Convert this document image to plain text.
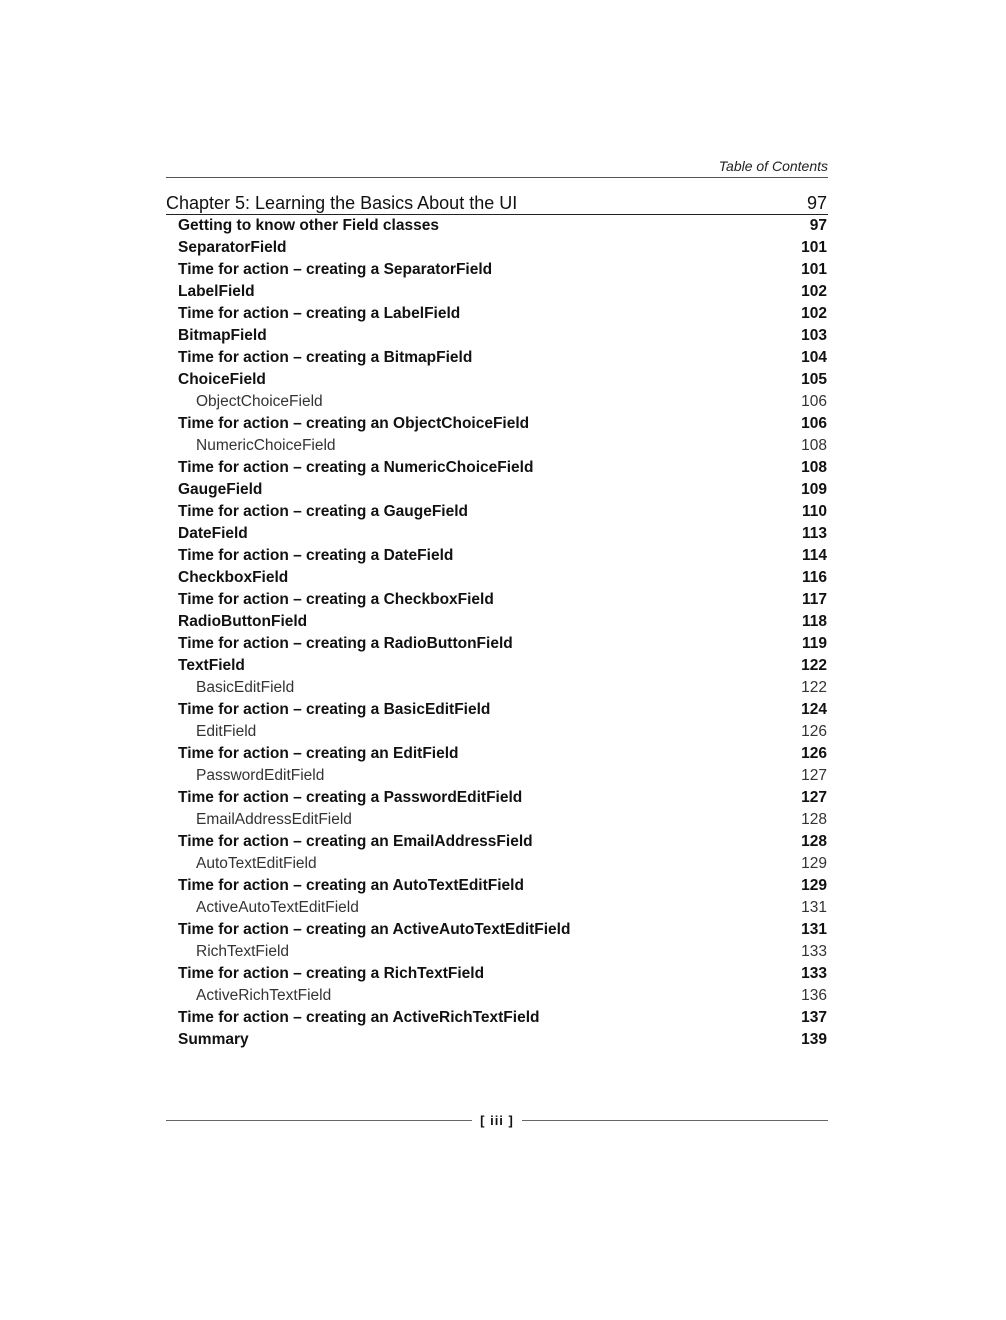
Table of Contents
Chapter 5: Learning the Basics About the UI	97
Getting to know other Field classes	97
SeparatorField	101
Time for action – creating a SeparatorField	101
LabelField	102
Time for action – creating a LabelField	102
BitmapField	103
Time for action – creating a BitmapField	104
ChoiceField	105
ObjectChoiceField	106
Time for action – creating an ObjectChoiceField	106
NumericChoiceField	108
Time for action – creating a NumericChoiceField	108
GaugeField	109
Time for action – creating a GaugeField	110
DateField	113
Time for action – creating a DateField	114
CheckboxField	116
Time for action – creating a CheckboxField	117
RadioButtonField	118
Time for action – creating a RadioButtonField	119
TextField	122
BasicEditField	122
Time for action – creating a BasicEditField	124
EditField	126
Time for action – creating an EditField	126
PasswordEditField	127
Time for action – creating a PasswordEditField	127
EmailAddressEditField	128
Time for action – creating an EmailAddressField	128
AutoTextEditField	129
Time for action – creating an AutoTextEditField	129
ActiveAutoTextEditField	131
Time for action – creating an ActiveAutoTextEditField	131
RichTextField	133
Time for action – creating a RichTextField	133
ActiveRichTextField	136
Time for action – creating an ActiveRichTextField	137
Summary	139
[ iii ]
